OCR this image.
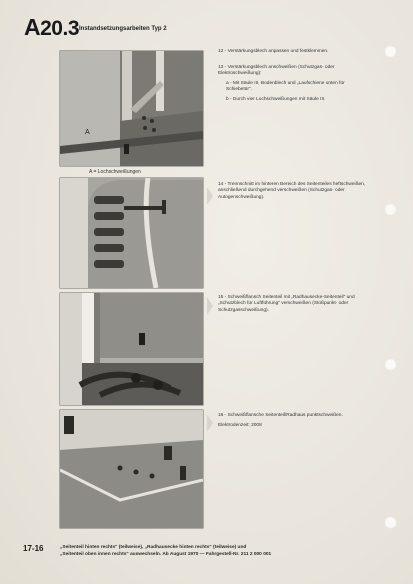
A20.3 Instandsetzungsarbeiten Typ 2
A
A = Lochschweißungen

12 - Verstärkungsblech anpassen und festklemmen.

13 - Verstärkungsblech anschweißen (Schutzgas- oder Elektroschweißung):

a - Mit Säule III, Bodenblech und „Laufschiene unten für Schiebetür".

b - Durch vier Lochschweißungen mit Säule III.

14 - Trennschnitt im hinteren Bereich des Seitenteiles heftschweißen, anschließend durchgehend verschweißen (Schutzgas- oder Autogenschweißung).

15 - Schweißflansch Seitenteil mit „Radhausecke-Seitenteil" und „Schutzblech für Luftführung" verschweißen (Stoßpunkt- oder Schutzgasschweißung).

16 - Schweißflansche Seitenteil/Radhaus punktschweißen.

Elektrodenzeit: 2008

17-16	„Seitenteil hinten rechts" (teilweise), „Radhausecke hinten rechts" (teilweise) und
„Seitenteil oben innen rechts" auswechseln. Ab August 1970 — Fahrgestell-Nr. 211 2 000 001
